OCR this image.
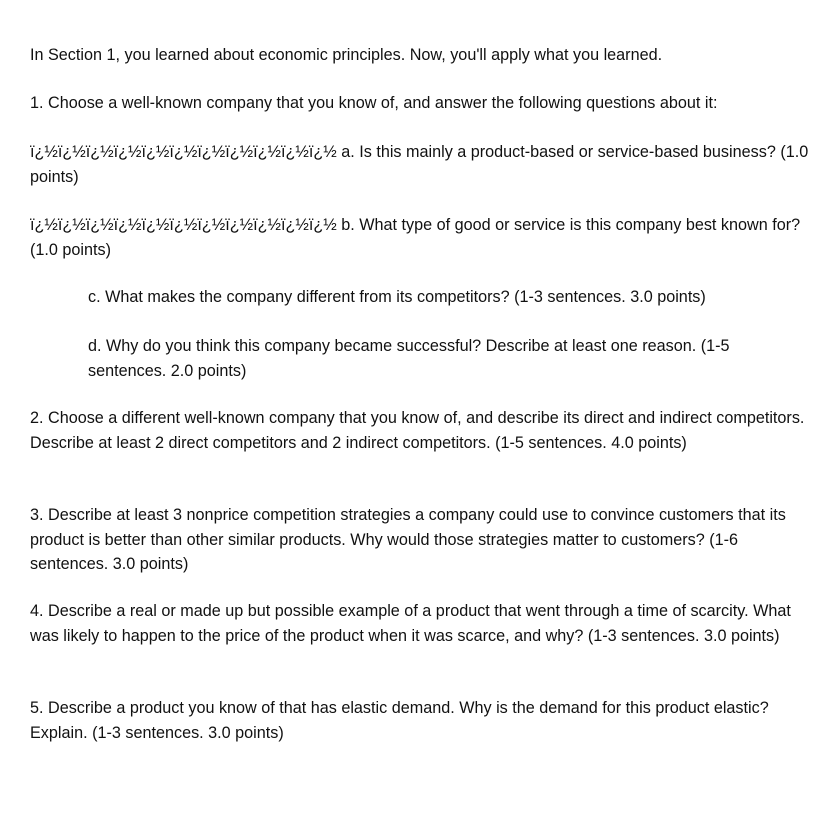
In Section 1, you learned about economic principles. Now, you'll apply what you learned.

1. Choose a well-known company that you know of, and answer the following questions about it:

ï¿½ï¿½ï¿½ï¿½ï¿½ï¿½ï¿½ï¿½ï¿½ï¿½ï¿½ a. Is this mainly a product-based or service-based business? (1.0 points)

ï¿½ï¿½ï¿½ï¿½ï¿½ï¿½ï¿½ï¿½ï¿½ï¿½ï¿½ b. What type of good or service is this company best known for? (1.0 points)

c. What makes the company different from its competitors? (1-3 sentences. 3.0 points)

d. Why do you think this company became successful? Describe at least one reason. (1-5 sentences. 2.0 points)

2. Choose a different well-known company that you know of, and describe its direct and indirect competitors. Describe at least 2 direct competitors and 2 indirect competitors. (1-5 sentences. 4.0 points)

3. Describe at least 3 nonprice competition strategies a company could use to convince customers that its product is better than other similar products. Why would those strategies matter to customers? (1-6 sentences. 3.0 points)

4. Describe a real or made up but possible example of a product that went through a time of scarcity. What was likely to happen to the price of the product when it was scarce, and why? (1-3 sentences. 3.0 points)

5. Describe a product you know of that has elastic demand. Why is the demand for this product elastic? Explain. (1-3 sentences. 3.0 points)
